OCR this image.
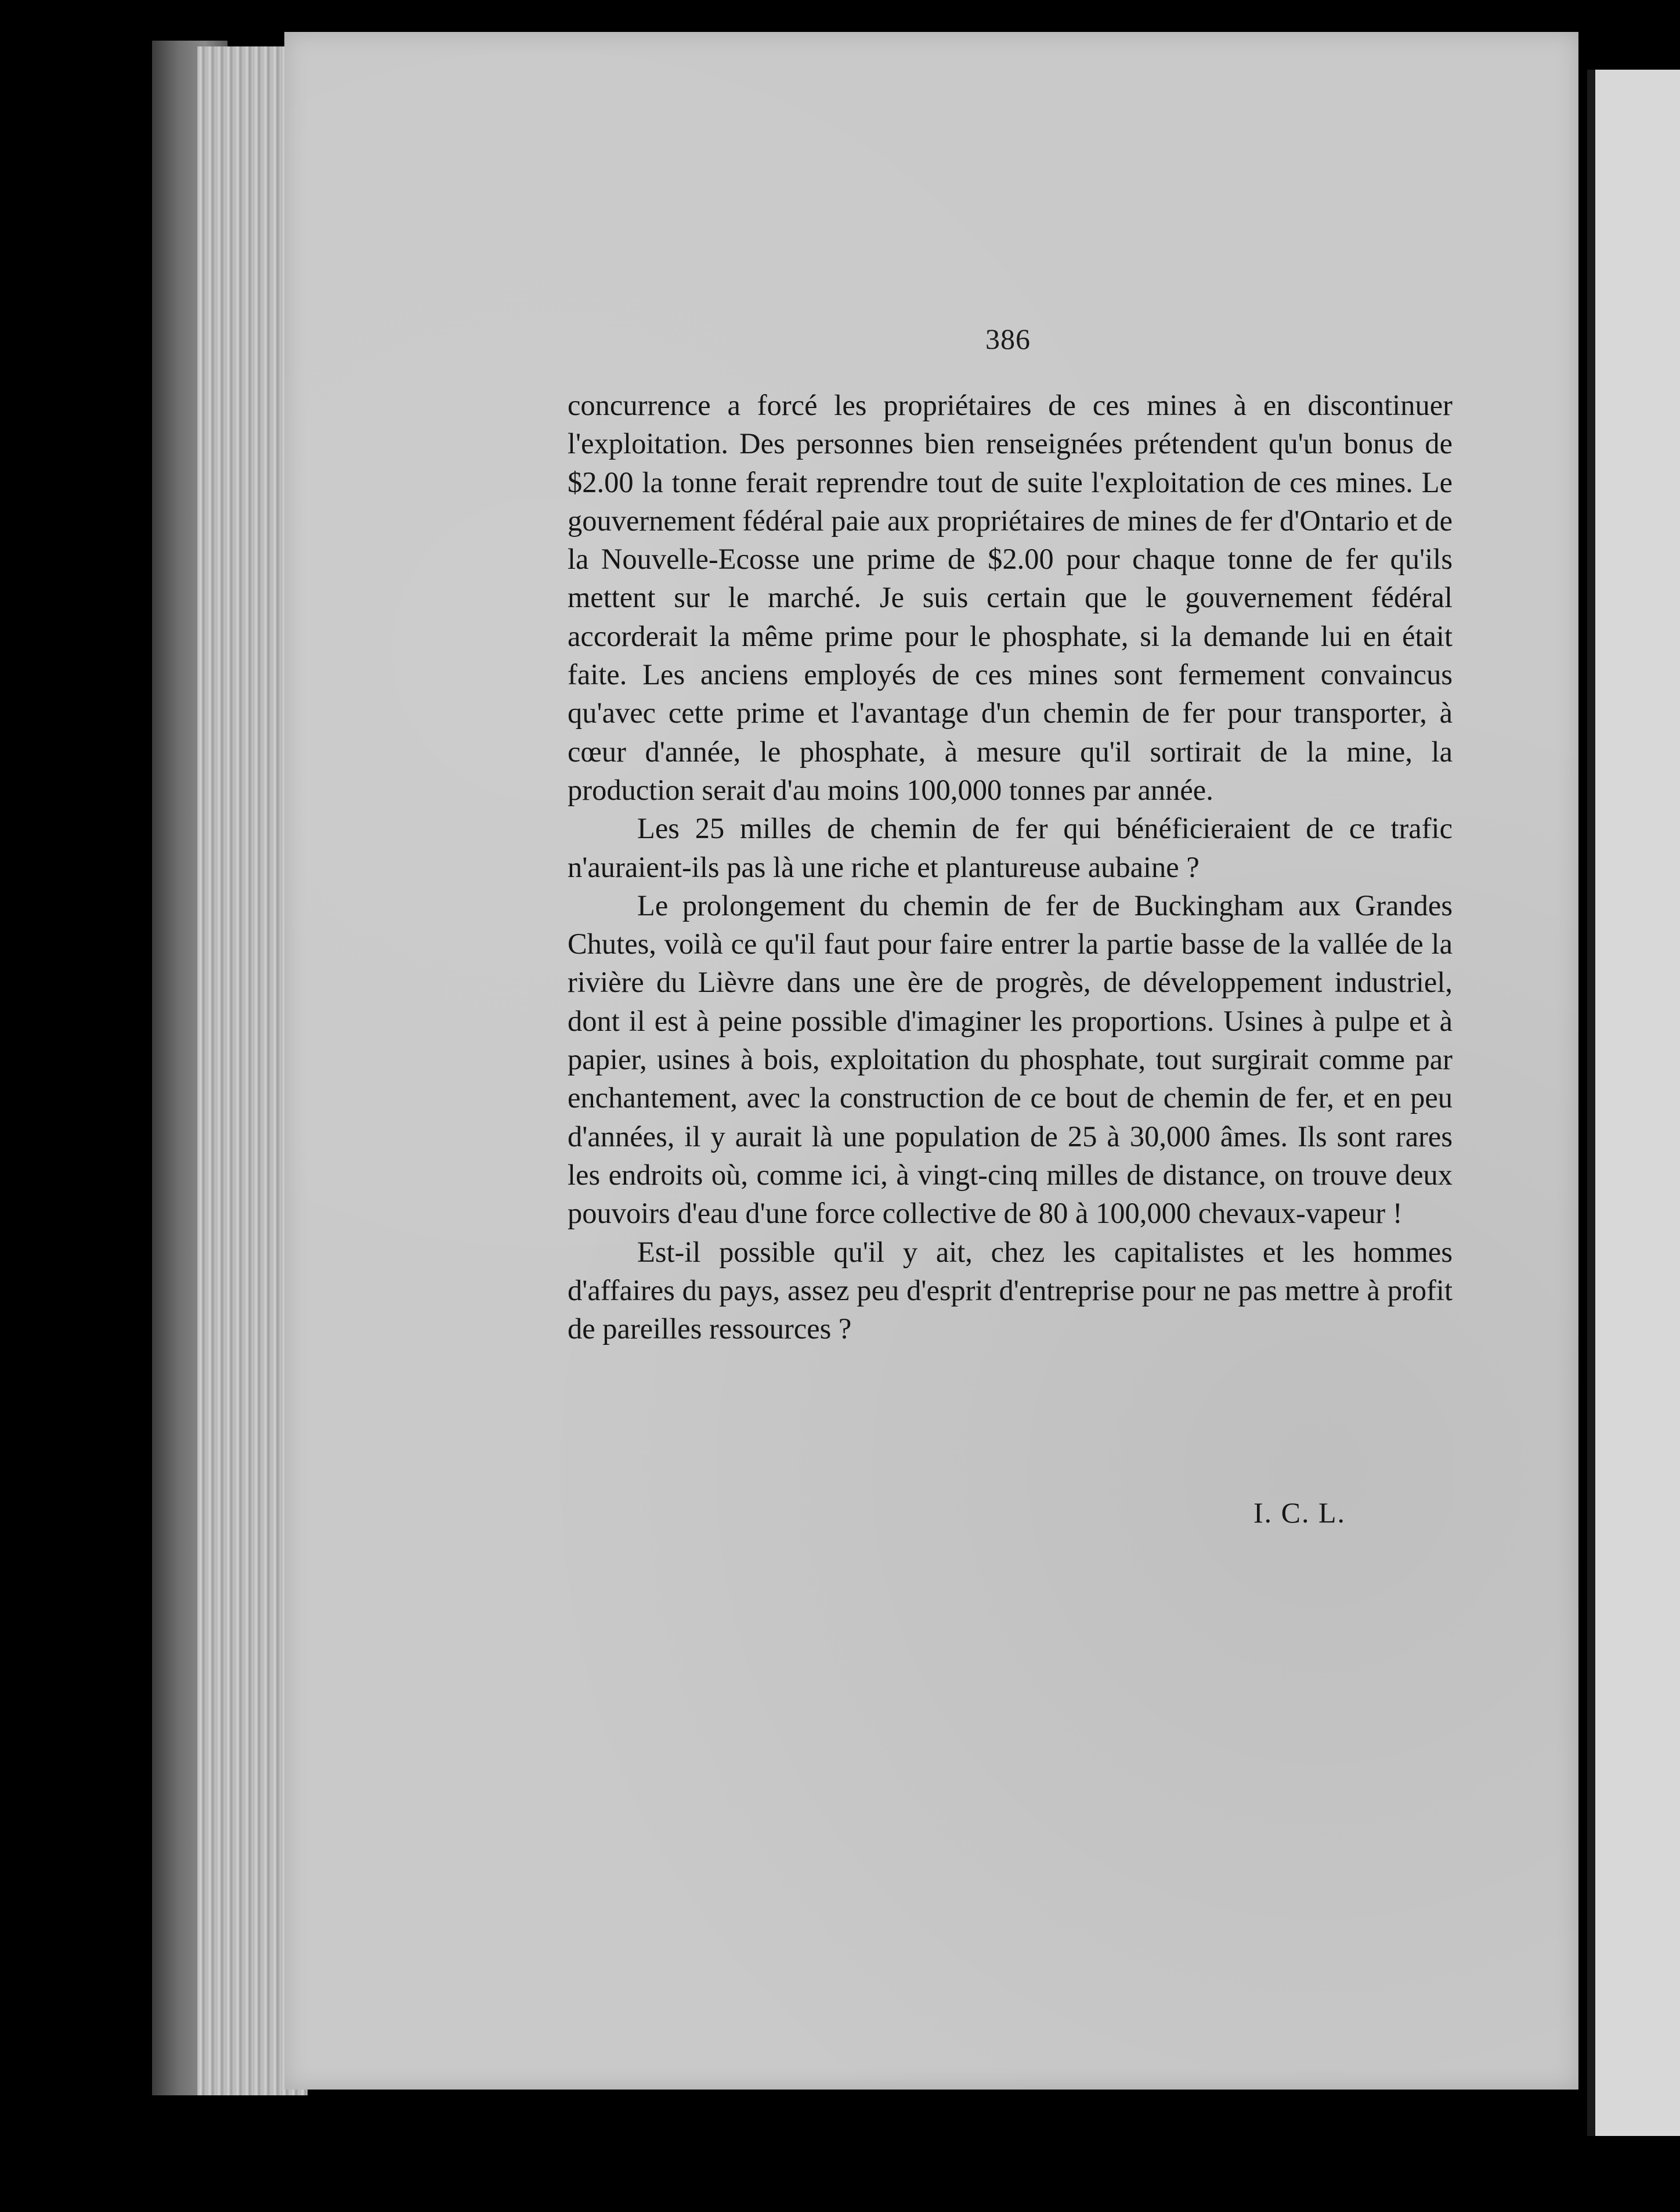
386

concurrence a forcé les propriétaires de ces mines à en discontinuer l'exploitation. Des personnes bien renseignées prétendent qu'un bonus de $2.00 la tonne ferait reprendre tout de suite l'exploitation de ces mines. Le gouvernement fédéral paie aux propriétaires de mines de fer d'Ontario et de la Nouvelle-Ecosse une prime de $2.00 pour chaque tonne de fer qu'ils mettent sur le marché. Je suis certain que le gouvernement fédéral accorderait la même prime pour le phosphate, si la demande lui en était faite. Les anciens employés de ces mines sont fermement convaincus qu'avec cette prime et l'avantage d'un chemin de fer pour transporter, à cœur d'année, le phosphate, à mesure qu'il sortirait de la mine, la production serait d'au moins 100,000 tonnes par année.

Les 25 milles de chemin de fer qui bénéficieraient de ce trafic n'auraient-ils pas là une riche et plantureuse aubaine ?

Le prolongement du chemin de fer de Buckingham aux Grandes Chutes, voilà ce qu'il faut pour faire entrer la partie basse de la vallée de la rivière du Lièvre dans une ère de progrès, de développement industriel, dont il est à peine possible d'imaginer les proportions. Usines à pulpe et à papier, usines à bois, exploitation du phosphate, tout surgirait comme par enchantement, avec la construction de ce bout de chemin de fer, et en peu d'années, il y aurait là une population de 25 à 30,000 âmes. Ils sont rares les endroits où, comme ici, à vingt-cinq milles de distance, on trouve deux pouvoirs d'eau d'une force collective de 80 à 100,000 chevaux-vapeur !

Est-il possible qu'il y ait, chez les capitalistes et les hommes d'affaires du pays, assez peu d'esprit d'entreprise pour ne pas mettre à profit de pareilles ressources ?

I. C. L.
